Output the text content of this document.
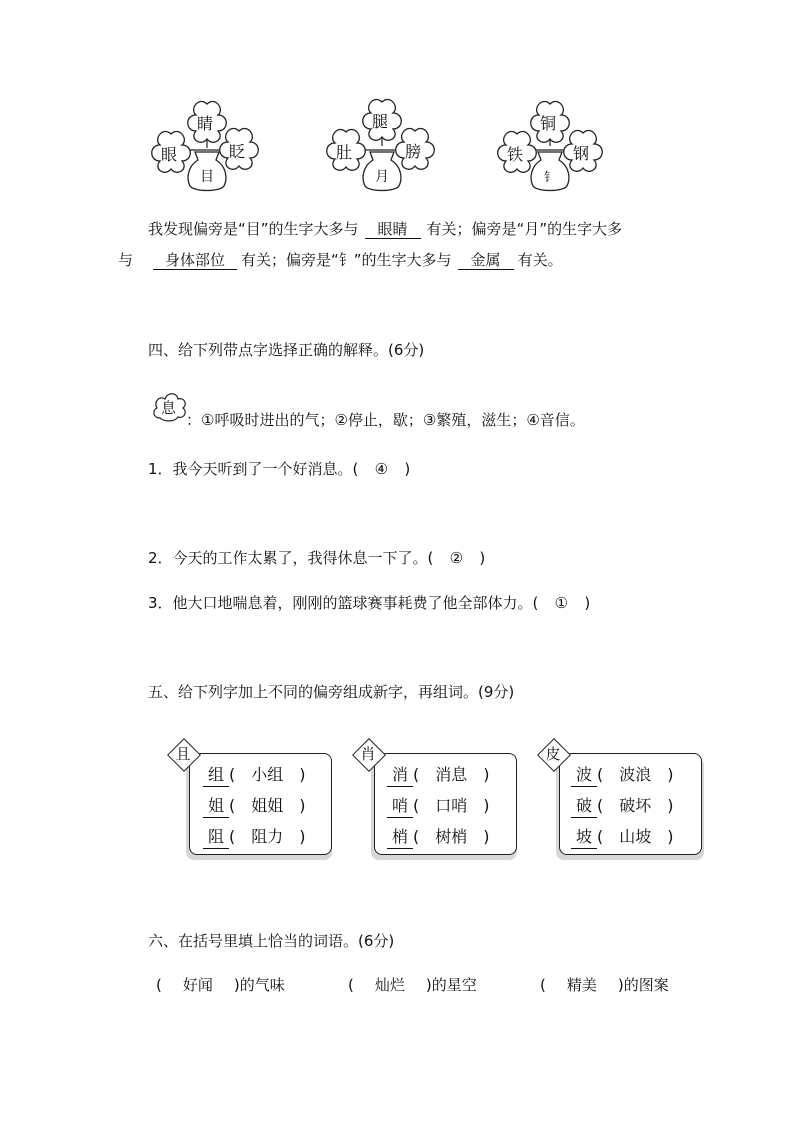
睛
眼	眨
目
腿
肚	膀
月
铜
铁	钢
钅
我发现偏旁是“目”的生字大多与 眼睛 有关；偏旁是“月”的生字大多
与 身体部位 有关；偏旁是“钅”的生字大多与 金属 有关。
四、给下列带点字选择正确的解释。(6分)
息
：①呼吸时进出的气；②停止，歇；③繁殖，滋生；④音信。
1．我今天听到了一个好消息。( ④ )
2．今天的工作太累了，我得休息一下了。( ② )
3．他大口地喘息着，刚刚的篮球赛事耗费了他全部体力。( ① )
五、给下列字加上不同的偏旁组成新字，再组词。(9分)
且
组 ( 小组 )
姐 ( 姐姐 )
阻 ( 阻力 )
肖
消 ( 消息 )
哨 ( 口哨 )
梢 ( 树梢 )
皮
波 ( 波浪 )
破 ( 破坏 )
坡 ( 山坡 )
六、在括号里填上恰当的词语。(6分)
( 好闻 )的气味	( 灿烂 )的星空	( 精美 )的图案
